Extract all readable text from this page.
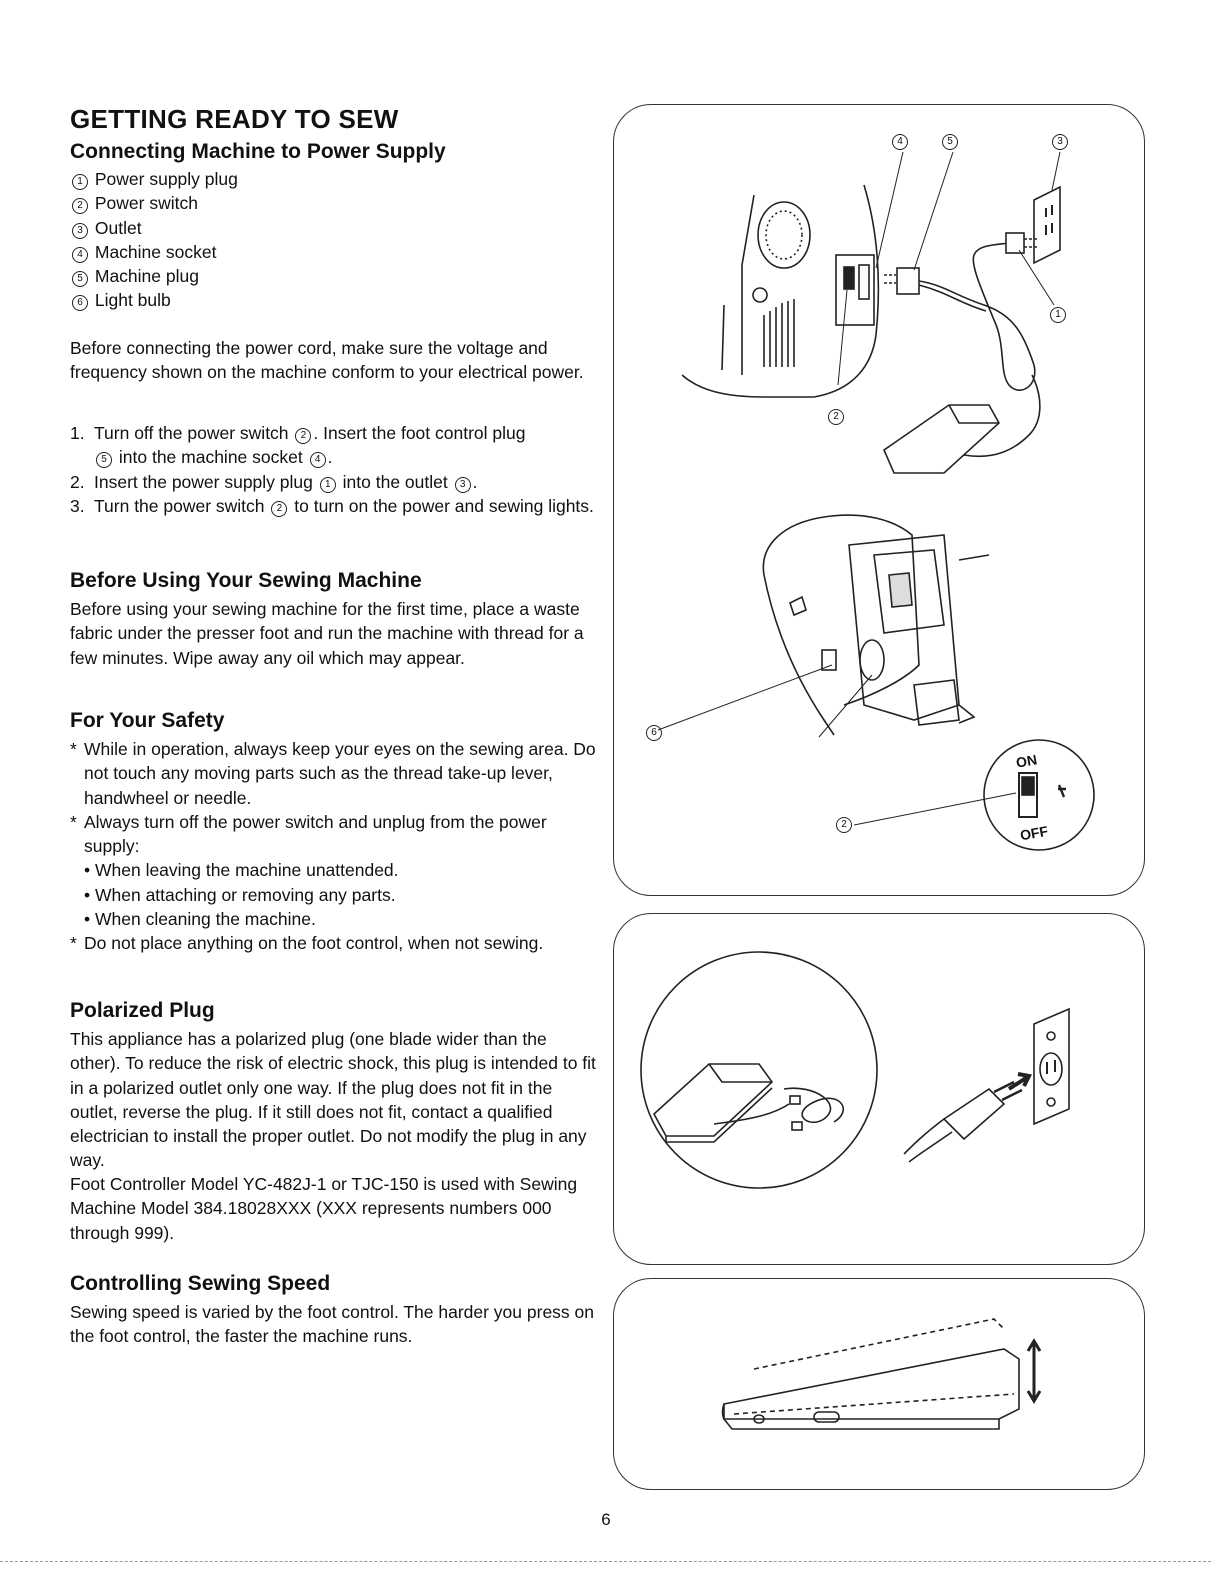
GETTING READY TO SEW
Connecting Machine to Power Supply
1 Power supply plug
2 Power switch
3 Outlet
4 Machine socket
5 Machine plug
6 Light bulb

Before connecting the power cord, make sure the voltage and frequency shown on the machine conform to your electrical power.

1. Turn off the power switch 2 . Insert the foot control plug
5 into the machine socket 4 .
2. Insert the power supply plug 1 into the outlet 3 .
3. Turn the power switch 2 to turn on the power and sewing lights.
Before Using Your Sewing Machine

Before using your sewing machine for the first time, place a waste fabric under the presser foot and run the machine with thread for a few minutes. Wipe away any oil which may appear.

For Your Safety
* While in operation, always keep your eyes on the sewing area. Do not touch any moving parts such as the thread take-up lever, handwheel or needle.
* Always turn off the power switch and unplug from the power supply:
• When leaving the machine unattended.
• When attaching or removing any parts.
• When cleaning the machine.
* Do not place anything on the foot control, when not sewing.
Polarized Plug

This appliance has a polarized plug (one blade wider than the other). To reduce the risk of electric shock, this plug is intended to fit in a polarized outlet only one way. If the plug does not fit in the outlet, reverse the plug. If it still does not fit, contact a qualified electrician to install the proper outlet. Do not modify the plug in any way.

Foot Controller Model YC-482J-1 or TJC-150 is used with Sewing Machine Model 384.18028XXX (XXX represents numbers 000 through 999).

Controlling Sewing Speed

Sewing speed is varied by the foot control. The harder you press on the foot control, the faster the machine runs.

4	5	3
1
2
6
2
ON
OFF
6
